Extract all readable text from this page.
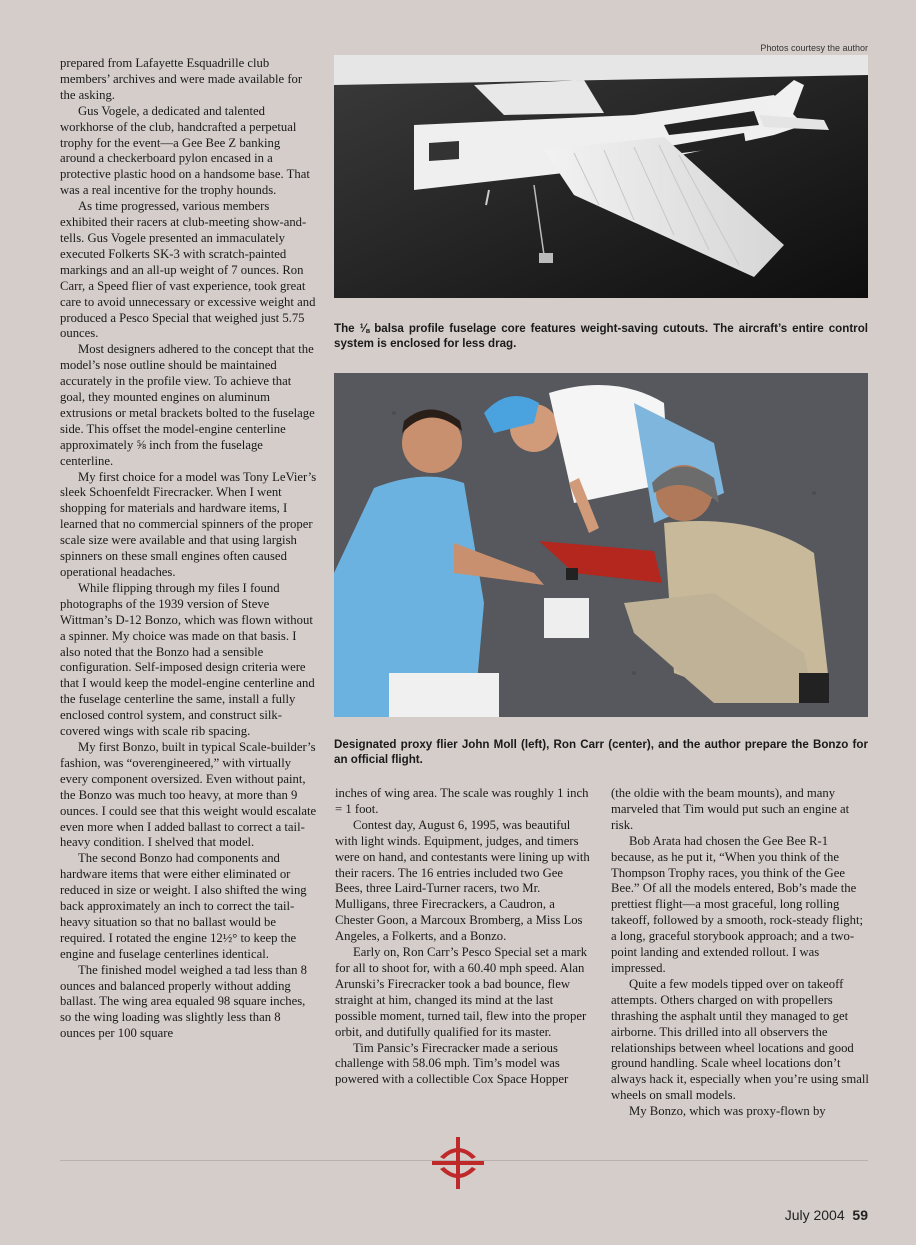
Photos courtesy the author

prepared from Lafayette Esquadrille club members’ archives and were made available for the asking.

Gus Vogele, a dedicated and talented workhorse of the club, handcrafted a perpetual trophy for the event—a Gee Bee Z banking around a checkerboard pylon encased in a protective plastic hood on a handsome base. That was a real incentive for the trophy hounds.

As time progressed, various members exhibited their racers at club-meeting show-and-tells. Gus Vogele presented an immaculately executed Folkerts SK-3 with scratch-painted markings and an all-up weight of 7 ounces. Ron Carr, a Speed flier of vast experience, took great care to avoid unnecessary or excessive weight and produced a Pesco Special that weighed just 5.75 ounces.

Most designers adhered to the concept that the model’s nose outline should be maintained accurately in the profile view. To achieve that goal, they mounted engines on aluminum extrusions or metal brackets bolted to the fuselage side. This offset the model-engine centerline approximately ⅝ inch from the fuselage centerline.

My first choice for a model was Tony LeVier’s sleek Schoenfeldt Firecracker. When I went shopping for materials and hardware items, I learned that no commercial spinners of the proper scale size were available and that using largish spinners on these small engines often caused operational headaches.

While flipping through my files I found photographs of the 1939 version of Steve Wittman’s D-12 Bonzo, which was flown without a spinner. My choice was made on that basis. I also noted that the Bonzo had a sensible configuration. Self-imposed design criteria were that I would keep the model-engine centerline and the fuselage centerline the same, install a fully enclosed control system, and construct silk-covered wings with scale rib spacing.

My first Bonzo, built in typical Scale-builder’s fashion, was “overengineered,” with virtually every component oversized. Even without paint, the Bonzo was much too heavy, at more than 9 ounces. I could see that this weight would escalate even more when I added ballast to correct a tail-heavy condition. I shelved that model.

The second Bonzo had components and hardware items that were either eliminated or reduced in size or weight. I also shifted the wing back approximately an inch to correct the tail-heavy situation so that no ballast would be required. I rotated the engine 12½° to keep the engine and fuselage centerlines identical.

The finished model weighed a tad less than 8 ounces and balanced properly without adding ballast. The wing area equaled 98 square inches, so the wing loading was slightly less than 8 ounces per 100 square

The ⅛ balsa profile fuselage core features weight-saving cutouts. The aircraft’s entire control system is enclosed for less drag.
Designated proxy flier John Moll (left), Ron Carr (center), and the author prepare the Bonzo for an official flight.

inches of wing area. The scale was roughly 1 inch = 1 foot.

Contest day, August 6, 1995, was beautiful with light winds. Equipment, judges, and timers were on hand, and contestants were lining up with their racers. The 16 entries included two Gee Bees, three Laird-Turner racers, two Mr. Mulligans, three Firecrackers, a Caudron, a Chester Goon, a Marcoux Bromberg, a Miss Los Angeles, a Folkerts, and a Bonzo.

Early on, Ron Carr’s Pesco Special set a mark for all to shoot for, with a 60.40 mph speed. Alan Arunski’s Firecracker took a bad bounce, flew straight at him, changed its mind at the last possible moment, turned tail, flew into the proper orbit, and dutifully qualified for its master.

Tim Pansic’s Firecracker made a serious challenge with 58.06 mph. Tim’s model was powered with a collectible Cox Space Hopper

(the oldie with the beam mounts), and many marveled that Tim would put such an engine at risk.

Bob Arata had chosen the Gee Bee R-1 because, as he put it, “When you think of the Thompson Trophy races, you think of the Gee Bee.” Of all the models entered, Bob’s made the prettiest flight—a most graceful, long rolling takeoff, followed by a smooth, rock-steady flight; a long, graceful storybook approach; and a two-point landing and extended rollout. I was impressed.

Quite a few models tipped over on takeoff attempts. Others charged on with propellers thrashing the asphalt until they managed to get airborne. This drilled into all observers the relationships between wheel locations and good ground handling. Scale wheel locations don’t always hack it, especially when you’re using small wheels on small models.

My Bonzo, which was proxy-flown by

July 2004 59
